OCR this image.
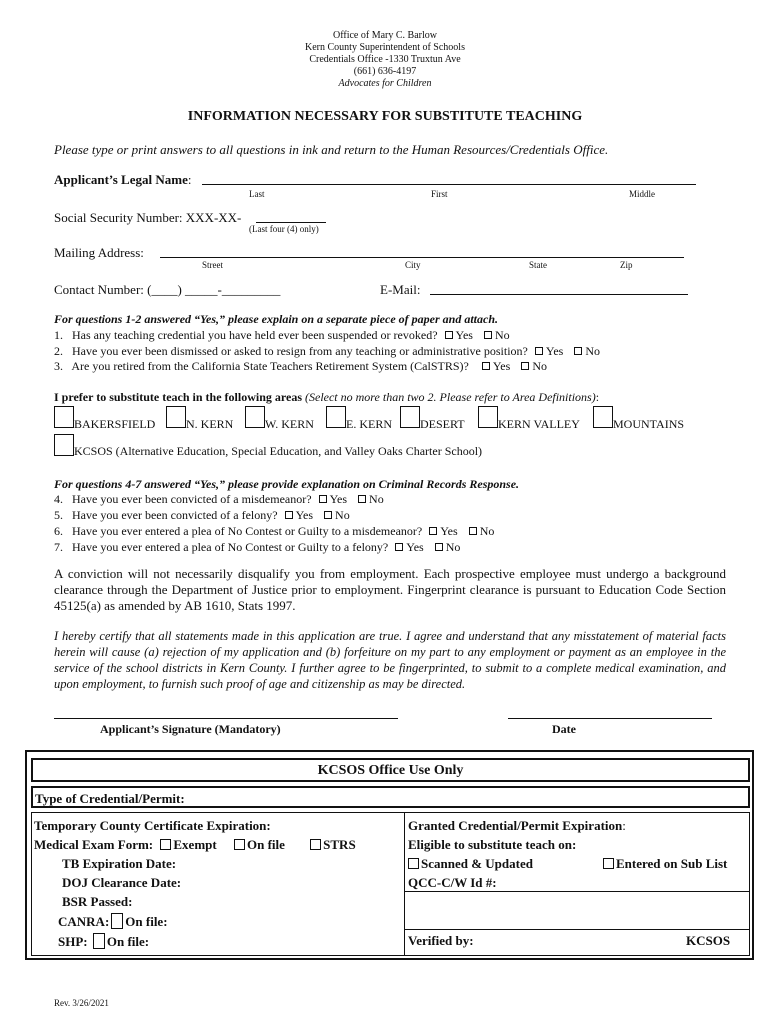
Office of Mary C. Barlow
Kern County Superintendent of Schools
Credentials Office -1330 Truxtun Ave
(661) 636-4197
Advocates for Children
INFORMATION NECESSARY FOR SUBSTITUTE TEACHING
Please type or print answers to all questions in ink and return to the Human Resources/Credentials Office.
Applicant’s Legal Name:
Last	First	Middle
Social Security Number: XXX-XX-
(Last four (4) only)
Mailing Address:
Street	City	State	Zip
Contact Number: (____) _____-_________	E-Mail:
For questions 1-2 answered “Yes,” please explain on a separate piece of paper and attach.
1. Has any teaching credential you have held ever been suspended or revoked? Yes No
2. Have you ever been dismissed or asked to resign from any teaching or administrative position? Yes No
3. Are you retired from the California State Teachers Retirement System (CalSTRS)? Yes No
I prefer to substitute teach in the following areas (Select no more than two 2. Please refer to Area Definitions):
BAKERSFIELD	N. KERN	W. KERN	E. KERN DESERT	KERN VALLEY	MOUNTAINS
KCSOS (Alternative Education, Special Education, and Valley Oaks Charter School)
For questions 4-7 answered “Yes,” please provide explanation on Criminal Records Response.
4. Have you ever been convicted of a misdemeanor? Yes No
5. Have you ever been convicted of a felony? Yes No
6. Have you ever entered a plea of No Contest or Guilty to a misdemeanor? Yes No
7. Have you ever entered a plea of No Contest or Guilty to a felony? Yes No
A conviction will not necessarily disqualify you from employment. Each prospective employee must undergo a background clearance through the Department of Justice prior to employment. Fingerprint clearance is pursuant to Education Code Section 45125(a) as amended by AB 1610, Stats 1997.
I hereby certify that all statements made in this application are true. I agree and understand that any misstatement of material facts herein will cause (a) rejection of my application and (b) forfeiture on my part to any employment or payment as an employee in the service of the school districts in Kern County. I further agree to be fingerprinted, to submit to a complete medical examination, and upon employment, to furnish such proof of age and citizenship as may be directed.
Applicant’s Signature (Mandatory)	Date
KCSOS Office Use Only
Type of Credential/Permit:
Temporary County Certificate Expiration:
Medical Exam Form: Exempt On file	STRS
TB Expiration Date:
DOJ Clearance Date:
BSR Passed:
CANRA: On file:
SHP: On file:
Granted Credential/Permit Expiration:
Eligible to substitute teach on:
Scanned & Updated	Entered on Sub List
QCC-C/W Id #:
Verified by:	KCSOS
Rev. 3/26/2021
